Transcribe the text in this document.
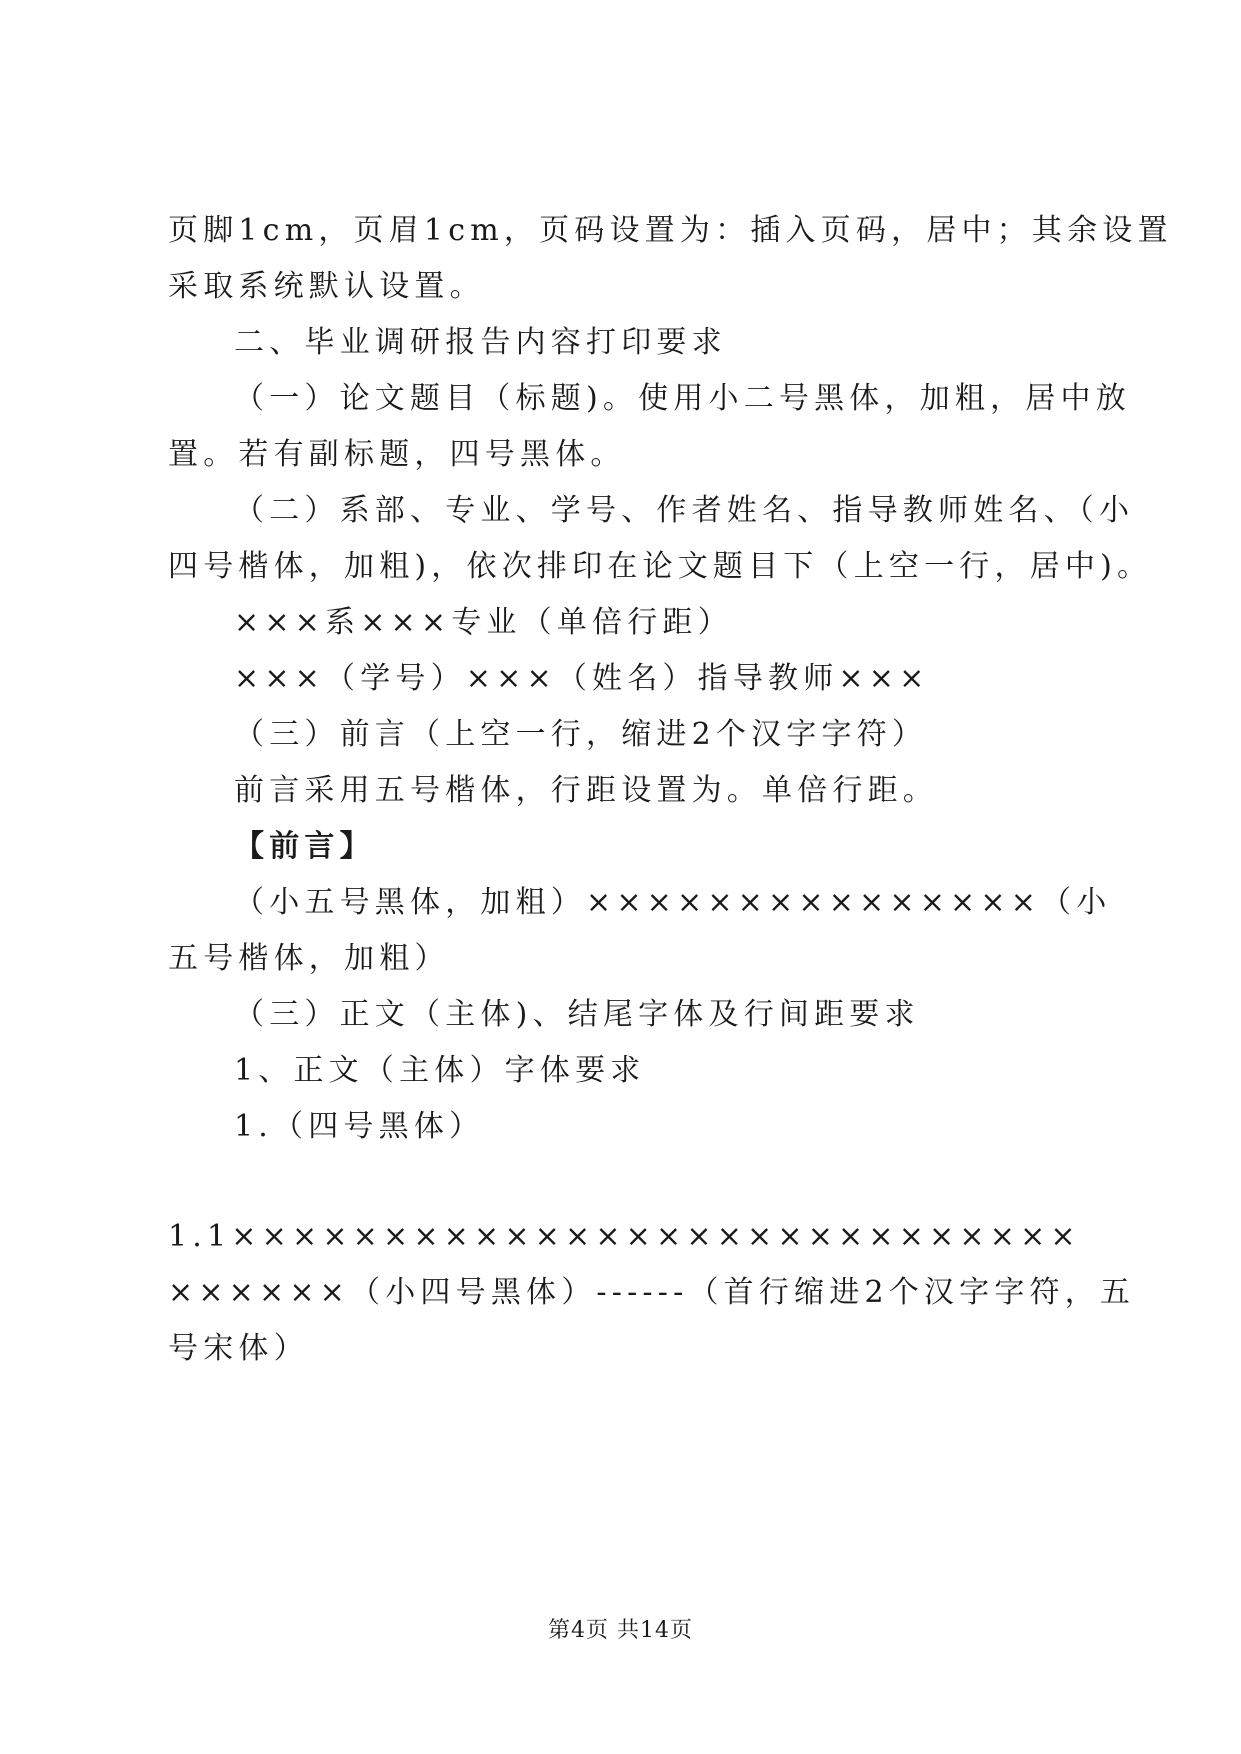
页脚1cm，页眉1cm，页码设置为：插入页码，居中；其余设置
采取系统默认设置。
二、毕业调研报告内容打印要求
（一）论文题目（标题)。使用小二号黑体，加粗，居中放
置。若有副标题，四号黑体。
（二）系部、专业、学号、作者姓名、指导教师姓名、（小
四号楷体，加粗)，依次排印在论文题目下（上空一行，居中)。
×××系×××专业（单倍行距）
×××（学号）×××（姓名）指导教师×××
（三）前言（上空一行，缩进2个汉字字符）
前言采用五号楷体，行距设置为。单倍行距。
【前言】
（小五号黑体，加粗）×××××××××××××××（小
五号楷体，加粗）
（三）正文（主体)、结尾字体及行间距要求
1、正文（主体）字体要求
1.（四号黑体）
1.1××××××××××××××××××××××××××××
××××××（小四号黑体）------（首行缩进2个汉字字符，五
号宋体）
第4页 共14页
